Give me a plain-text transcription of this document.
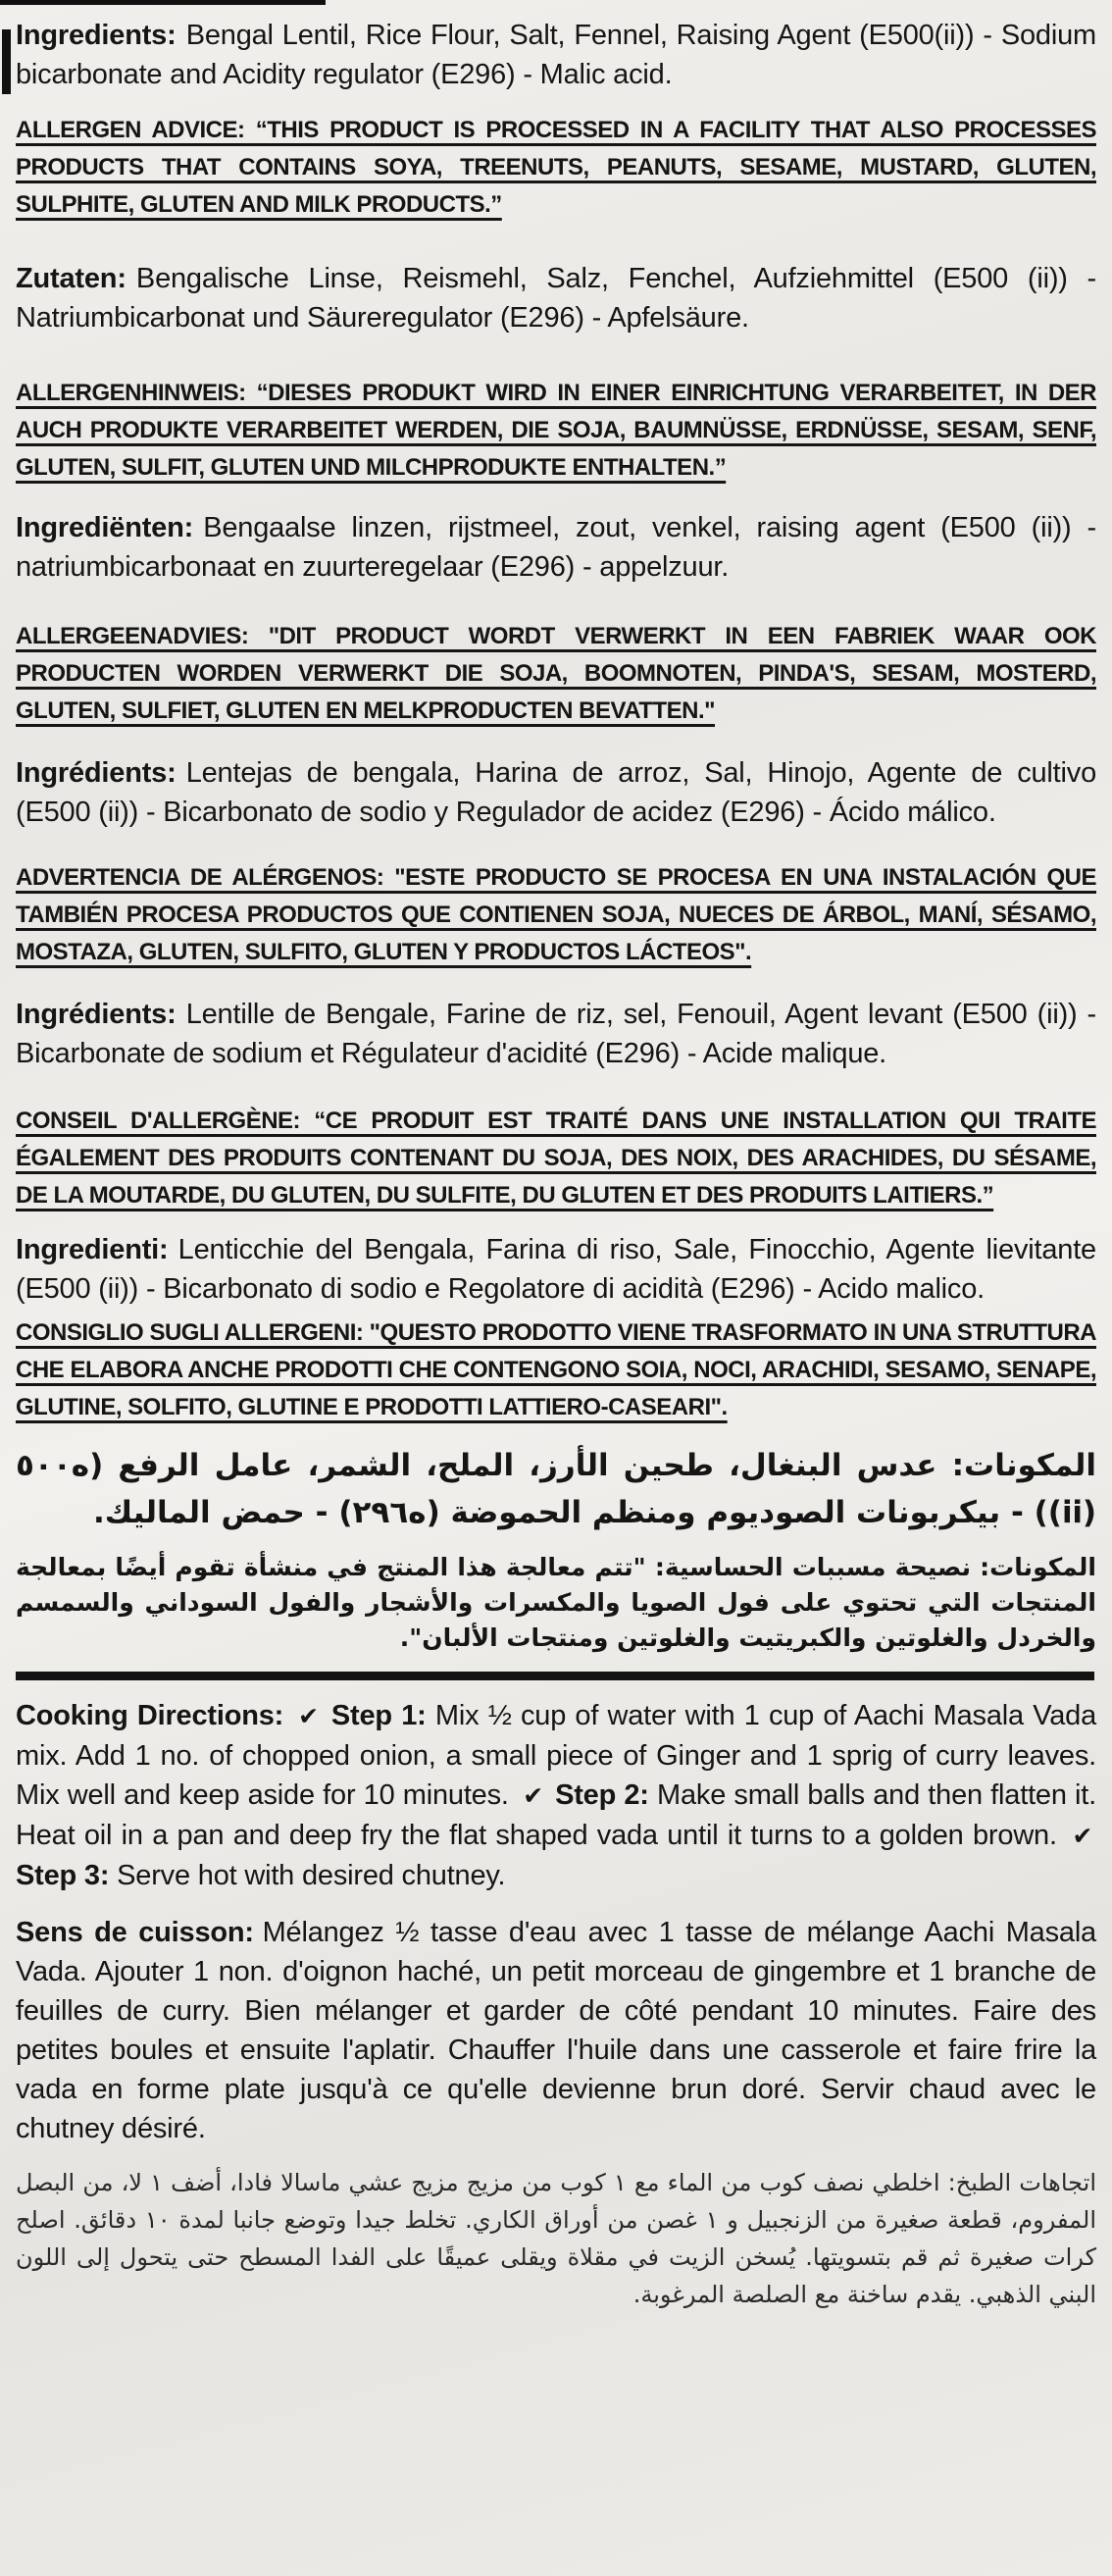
Ingredients: Bengal Lentil, Rice Flour, Salt, Fennel, Raising Agent (E500(ii)) - Sodium bicarbonate and Acidity regulator (E296) - Malic acid.

ALLERGEN ADVICE: “THIS PRODUCT IS PROCESSED IN A FACILITY THAT ALSO PROCESSES PRODUCTS THAT CONTAINS SOYA, TREENUTS, PEANUTS, SESAME, MUSTARD, GLUTEN, SULPHITE, GLUTEN AND MILK PRODUCTS.”

Zutaten: Bengalische Linse, Reismehl, Salz, Fenchel, Aufziehmittel (E500 (ii)) - Natriumbicarbonat und Säureregulator (E296) - Apfelsäure.

ALLERGENHINWEIS: “DIESES PRODUKT WIRD IN EINER EINRICHTUNG VERARBEITET, IN DER AUCH PRODUKTE VERARBEITET WERDEN, DIE SOJA, BAUMNÜSSE, ERDNÜSSE, SESAM, SENF, GLUTEN, SULFIT, GLUTEN UND MILCHPRODUKTE ENTHALTEN.”

Ingrediënten: Bengaalse linzen, rijstmeel, zout, venkel, raising agent (E500 (ii)) - natriumbicarbonaat en zuurteregelaar (E296) - appelzuur.

ALLERGEENADVIES: "DIT PRODUCT WORDT VERWERKT IN EEN FABRIEK WAAR OOK PRODUCTEN WORDEN VERWERKT DIE SOJA, BOOMNOTEN, PINDA'S, SESAM, MOSTERD, GLUTEN, SULFIET, GLUTEN EN MELKPRODUCTEN BEVATTEN."

Ingrédients: Lentejas de bengala, Harina de arroz, Sal, Hinojo, Agente de cultivo (E500 (ii)) - Bicarbonato de sodio y Regulador de acidez (E296) - Ácido málico.

ADVERTENCIA DE ALÉRGENOS: "ESTE PRODUCTO SE PROCESA EN UNA INSTALACIÓN QUE TAMBIÉN PROCESA PRODUCTOS QUE CONTIENEN SOJA, NUECES DE ÁRBOL, MANÍ, SÉSAMO, MOSTAZA, GLUTEN, SULFITO, GLUTEN Y PRODUCTOS LÁCTEOS".

Ingrédients: Lentille de Bengale, Farine de riz, sel, Fenouil, Agent levant (E500 (ii)) - Bicarbonate de sodium et Régulateur d'acidité (E296) - Acide malique.

CONSEIL D'ALLERGÈNE: “CE PRODUIT EST TRAITÉ DANS UNE INSTALLATION QUI TRAITE ÉGALEMENT DES PRODUITS CONTENANT DU SOJA, DES NOIX, DES ARACHIDES, DU SÉSAME, DE LA MOUTARDE, DU GLUTEN, DU SULFITE, DU GLUTEN ET DES PRODUITS LAITIERS.”

Ingredienti: Lenticchie del Bengala, Farina di riso, Sale, Finocchio, Agente lievitante (E500 (ii)) - Bicarbonato di sodio e Regolatore di acidità (E296) - Acido malico.

CONSIGLIO SUGLI ALLERGENI: "QUESTO PRODOTTO VIENE TRASFORMATO IN UNA STRUTTURA CHE ELABORA ANCHE PRODOTTI CHE CONTENGONO SOIA, NOCI, ARACHIDI, SESAMO, SENAPE, GLUTINE, SOLFITO, GLUTINE E PRODOTTI LATTIERO-CASEARI".

المكونات: عدس البنغال، طحين الأرز، الملح، الشمر، عامل الرفع (ه٥٠٠ (ii)) - بيكربونات الصوديوم ومنظم الحموضة (ه٢٩٦) - حمض الماليك.

المكونات: نصيحة مسببات الحساسية: "تتم معالجة هذا المنتج في منشأة تقوم أيضًا بمعالجة المنتجات التي تحتوي على فول الصويا والمكسرات والأشجار والفول السوداني والسمسم والخردل والغلوتين والكبريتيت والغلوتين ومنتجات الألبان".

Cooking Directions: ✔ Step 1: Mix ½ cup of water with 1 cup of Aachi Masala Vada mix. Add 1 no. of chopped onion, a small piece of Ginger and 1 sprig of curry leaves. Mix well and keep aside for 10 minutes. ✔ Step 2: Make small balls and then flatten it. Heat oil in a pan and deep fry the flat shaped vada until it turns to a golden brown. ✔ Step 3: Serve hot with desired chutney.

Sens de cuisson: Mélangez ½ tasse d'eau avec 1 tasse de mélange Aachi Masala Vada. Ajouter 1 non. d'oignon haché, un petit morceau de gingembre et 1 branche de feuilles de curry. Bien mélanger et garder de côté pendant 10 minutes. Faire des petites boules et ensuite l'aplatir. Chauffer l'huile dans une casserole et faire frire la vada en forme plate jusqu'à ce qu'elle devienne brun doré. Servir chaud avec le chutney désiré.

اتجاهات الطبخ: اخلطي نصف كوب من الماء مع ١ كوب من مزيج مزيج عشي ماسالا فادا، أضف ١ لا، من البصل المفروم، قطعة صغيرة من الزنجبيل و ١ غصن من أوراق الكاري. تخلط جيدا وتوضع جانبا لمدة ١٠ دقائق. اصلح كرات صغيرة ثم قم بتسويتها. يُسخن الزيت في مقلاة ويقلى عميقًا على الفدا المسطح حتى يتحول إلى اللون البني الذهبي. يقدم ساخنة مع الصلصة المرغوبة.
